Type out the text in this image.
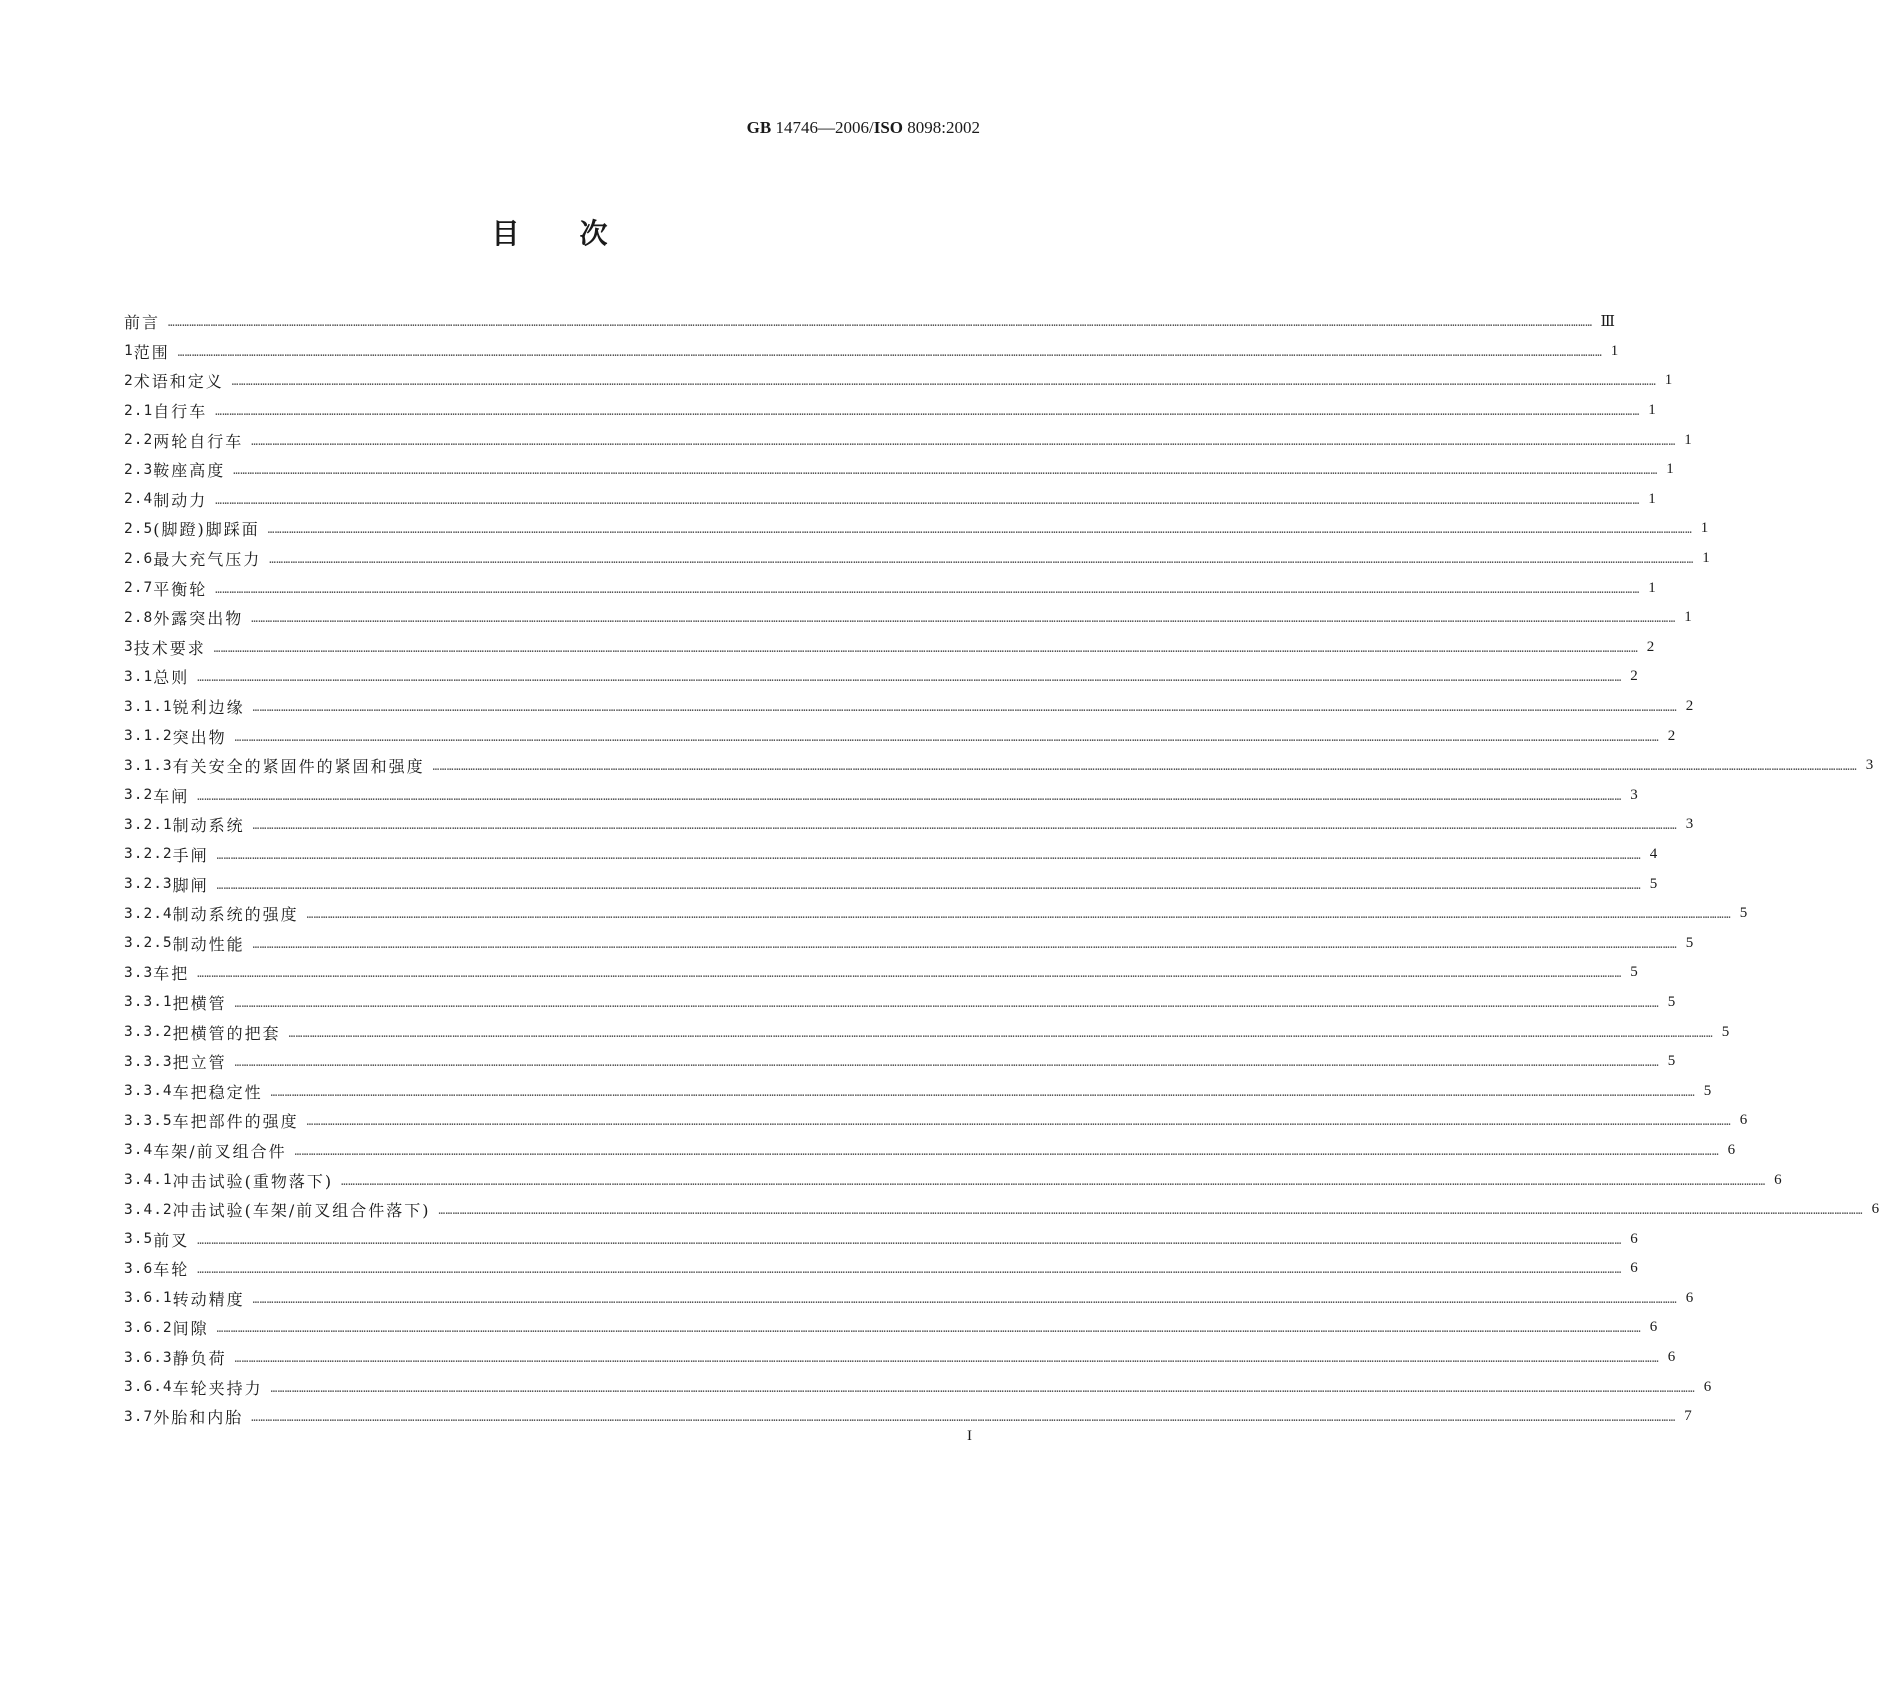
GB 14746—2006/ISO 8098:2002
目 次
前言 …………………………………………………………………………………………………………………………………………………………………………………………………………………………………………………………………………………………………………………………………………………………………………………………………………………………………………………………………………………………………………………………………………………… Ⅲ
1 范围 …………………………………………………………………………………………………………………………………………………………………………………………………………………………………………………………………………………………………………………………………………………………………………………………………………………………………………………………………………………………………………………………………………………… 1
2 术语和定义 …………………………………………………………………………………………………………………………………………………………………………………………………………………………………………………………………………………………………………………………………………………………………………………………………………………………………………………………………………………………………………………………………………………… 1
2.1 自行车 …………………………………………………………………………………………………………………………………………………………………………………………………………………………………………………………………………………………………………………………………………………………………………………………………………………………………………………………………………………………………………………………………………………… 1
2.2 两轮自行车 …………………………………………………………………………………………………………………………………………………………………………………………………………………………………………………………………………………………………………………………………………………………………………………………………………………………………………………………………………………………………………………………………………………… 1
2.3 鞍座高度 …………………………………………………………………………………………………………………………………………………………………………………………………………………………………………………………………………………………………………………………………………………………………………………………………………………………………………………………………………………………………………………………………………………… 1
2.4 制动力 …………………………………………………………………………………………………………………………………………………………………………………………………………………………………………………………………………………………………………………………………………………………………………………………………………………………………………………………………………………………………………………………………………………… 1
2.5 (脚蹬)脚踩面 …………………………………………………………………………………………………………………………………………………………………………………………………………………………………………………………………………………………………………………………………………………………………………………………………………………………………………………………………………………………………………………………………………………… 1
2.6 最大充气压力 …………………………………………………………………………………………………………………………………………………………………………………………………………………………………………………………………………………………………………………………………………………………………………………………………………………………………………………………………………………………………………………………………………………… 1
2.7 平衡轮 …………………………………………………………………………………………………………………………………………………………………………………………………………………………………………………………………………………………………………………………………………………………………………………………………………………………………………………………………………………………………………………………………………………… 1
2.8 外露突出物 …………………………………………………………………………………………………………………………………………………………………………………………………………………………………………………………………………………………………………………………………………………………………………………………………………………………………………………………………………………………………………………………………………………… 1
3 技术要求 …………………………………………………………………………………………………………………………………………………………………………………………………………………………………………………………………………………………………………………………………………………………………………………………………………………………………………………………………………………………………………………………………………………… 2
3.1 总则 …………………………………………………………………………………………………………………………………………………………………………………………………………………………………………………………………………………………………………………………………………………………………………………………………………………………………………………………………………………………………………………………………………………… 2
3.1.1 锐利边缘 …………………………………………………………………………………………………………………………………………………………………………………………………………………………………………………………………………………………………………………………………………………………………………………………………………………………………………………………………………………………………………………………………………………… 2
3.1.2 突出物 …………………………………………………………………………………………………………………………………………………………………………………………………………………………………………………………………………………………………………………………………………………………………………………………………………………………………………………………………………………………………………………………………………………… 2
3.1.3 有关安全的紧固件的紧固和强度 …………………………………………………………………………………………………………………………………………………………………………………………………………………………………………………………………………………………………………………………………………………………………………………………………………………………………………………………………………………………………………………………………………………… 3
3.2 车闸 …………………………………………………………………………………………………………………………………………………………………………………………………………………………………………………………………………………………………………………………………………………………………………………………………………………………………………………………………………………………………………………………………………………… 3
3.2.1 制动系统 …………………………………………………………………………………………………………………………………………………………………………………………………………………………………………………………………………………………………………………………………………………………………………………………………………………………………………………………………………………………………………………………………………………… 3
3.2.2 手闸 …………………………………………………………………………………………………………………………………………………………………………………………………………………………………………………………………………………………………………………………………………………………………………………………………………………………………………………………………………………………………………………………………………………… 4
3.2.3 脚闸 …………………………………………………………………………………………………………………………………………………………………………………………………………………………………………………………………………………………………………………………………………………………………………………………………………………………………………………………………………………………………………………………………………………… 5
3.2.4 制动系统的强度 …………………………………………………………………………………………………………………………………………………………………………………………………………………………………………………………………………………………………………………………………………………………………………………………………………………………………………………………………………………………………………………………………………………… 5
3.2.5 制动性能 …………………………………………………………………………………………………………………………………………………………………………………………………………………………………………………………………………………………………………………………………………………………………………………………………………………………………………………………………………………………………………………………………………………… 5
3.3 车把 …………………………………………………………………………………………………………………………………………………………………………………………………………………………………………………………………………………………………………………………………………………………………………………………………………………………………………………………………………………………………………………………………………………… 5
3.3.1 把横管 …………………………………………………………………………………………………………………………………………………………………………………………………………………………………………………………………………………………………………………………………………………………………………………………………………………………………………………………………………………………………………………………………………………… 5
3.3.2 把横管的把套 …………………………………………………………………………………………………………………………………………………………………………………………………………………………………………………………………………………………………………………………………………………………………………………………………………………………………………………………………………………………………………………………………………………… 5
3.3.3 把立管 …………………………………………………………………………………………………………………………………………………………………………………………………………………………………………………………………………………………………………………………………………………………………………………………………………………………………………………………………………………………………………………………………………………… 5
3.3.4 车把稳定性 …………………………………………………………………………………………………………………………………………………………………………………………………………………………………………………………………………………………………………………………………………………………………………………………………………………………………………………………………………………………………………………………………………………… 5
3.3.5 车把部件的强度 …………………………………………………………………………………………………………………………………………………………………………………………………………………………………………………………………………………………………………………………………………………………………………………………………………………………………………………………………………………………………………………………………………………… 6
3.4 车架/前叉组合件 …………………………………………………………………………………………………………………………………………………………………………………………………………………………………………………………………………………………………………………………………………………………………………………………………………………………………………………………………………………………………………………………………………………… 6
3.4.1 冲击试验(重物落下) …………………………………………………………………………………………………………………………………………………………………………………………………………………………………………………………………………………………………………………………………………………………………………………………………………………………………………………………………………………………………………………………………………………… 6
3.4.2 冲击试验(车架/前叉组合件落下) …………………………………………………………………………………………………………………………………………………………………………………………………………………………………………………………………………………………………………………………………………………………………………………………………………………………………………………………………………………………………………………………………………………… 6
3.5 前叉 …………………………………………………………………………………………………………………………………………………………………………………………………………………………………………………………………………………………………………………………………………………………………………………………………………………………………………………………………………………………………………………………………………………… 6
3.6 车轮 …………………………………………………………………………………………………………………………………………………………………………………………………………………………………………………………………………………………………………………………………………………………………………………………………………………………………………………………………………………………………………………………………………………… 6
3.6.1 转动精度 …………………………………………………………………………………………………………………………………………………………………………………………………………………………………………………………………………………………………………………………………………………………………………………………………………………………………………………………………………………………………………………………………………………… 6
3.6.2 间隙 …………………………………………………………………………………………………………………………………………………………………………………………………………………………………………………………………………………………………………………………………………………………………………………………………………………………………………………………………………………………………………………………………………………… 6
3.6.3 静负荷 …………………………………………………………………………………………………………………………………………………………………………………………………………………………………………………………………………………………………………………………………………………………………………………………………………………………………………………………………………………………………………………………………………………… 6
3.6.4 车轮夹持力 …………………………………………………………………………………………………………………………………………………………………………………………………………………………………………………………………………………………………………………………………………………………………………………………………………………………………………………………………………………………………………………………………………………… 6
3.7 外胎和内胎 …………………………………………………………………………………………………………………………………………………………………………………………………………………………………………………………………………………………………………………………………………………………………………………………………………………………………………………………………………………………………………………………………………………… 7
I
